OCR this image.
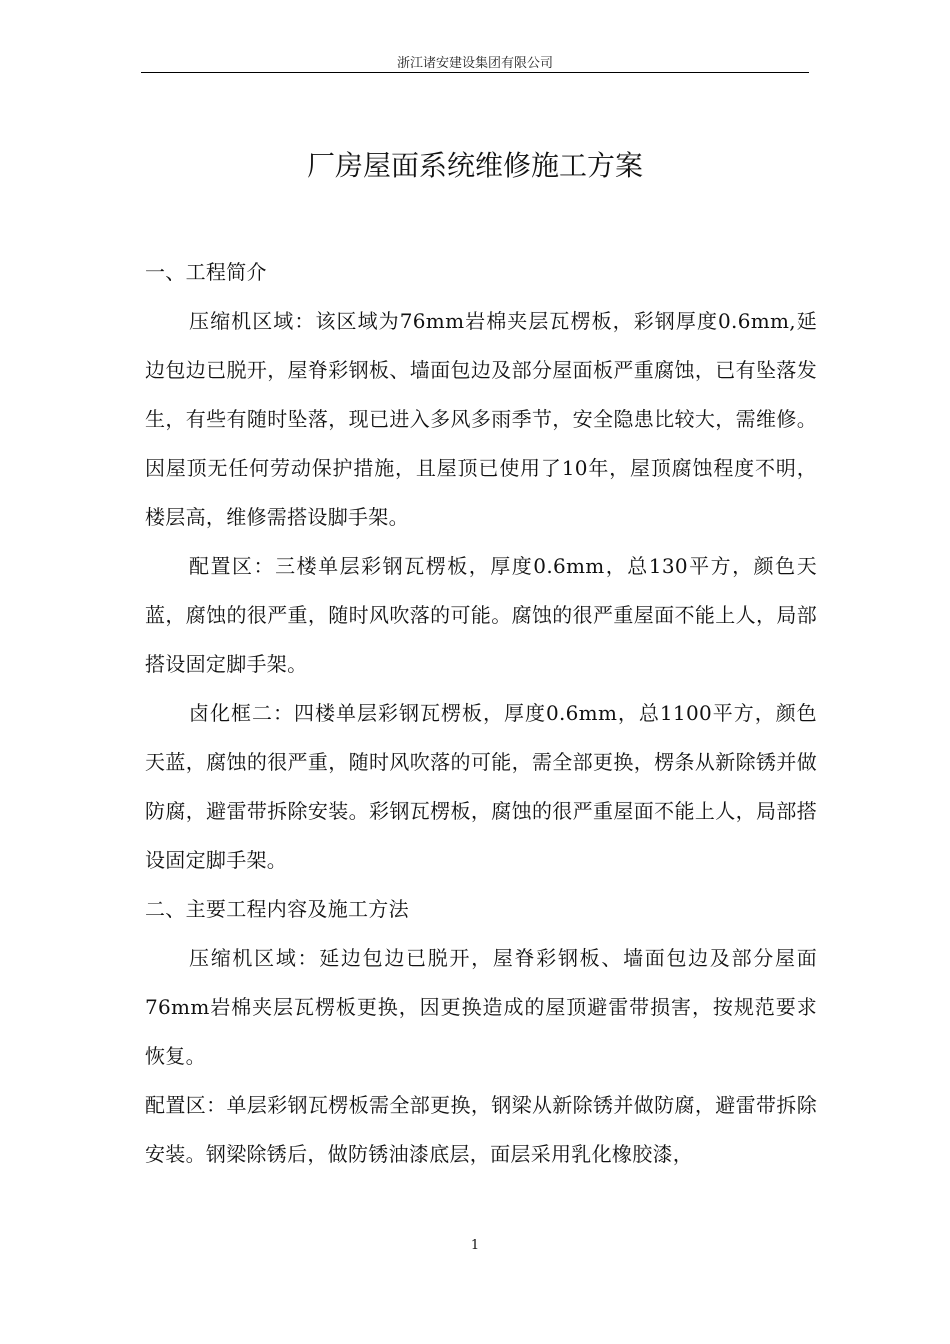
浙江诸安建设集团有限公司
厂房屋面系统维修施工方案

一、工程简介

压缩机区域：该区域为76mm岩棉夹层瓦楞板，彩钢厚度0.6mm,延边包边已脱开，屋脊彩钢板、墙面包边及部分屋面板严重腐蚀，已有坠落发生，有些有随时坠落，现已进入多风多雨季节，安全隐患比较大，需维修。因屋顶无任何劳动保护措施，且屋顶已使用了10年，屋顶腐蚀程度不明，楼层高，维修需搭设脚手架。

配置区：三楼单层彩钢瓦楞板，厚度0.6mm，总130平方，颜色天蓝，腐蚀的很严重，随时风吹落的可能。腐蚀的很严重屋面不能上人，局部搭设固定脚手架。

卤化框二：四楼单层彩钢瓦楞板，厚度0.6mm，总1100平方，颜色天蓝，腐蚀的很严重，随时风吹落的可能，需全部更换，楞条从新除锈并做防腐，避雷带拆除安装。彩钢瓦楞板，腐蚀的很严重屋面不能上人，局部搭设固定脚手架。

二、主要工程内容及施工方法

压缩机区域：延边包边已脱开，屋脊彩钢板、墙面包边及部分屋面76mm岩棉夹层瓦楞板更换，因更换造成的屋顶避雷带损害，按规范要求恢复。

配置区：单层彩钢瓦楞板需全部更换，钢梁从新除锈并做防腐，避雷带拆除安装。钢梁除锈后，做防锈油漆底层，面层采用乳化橡胶漆，

1
